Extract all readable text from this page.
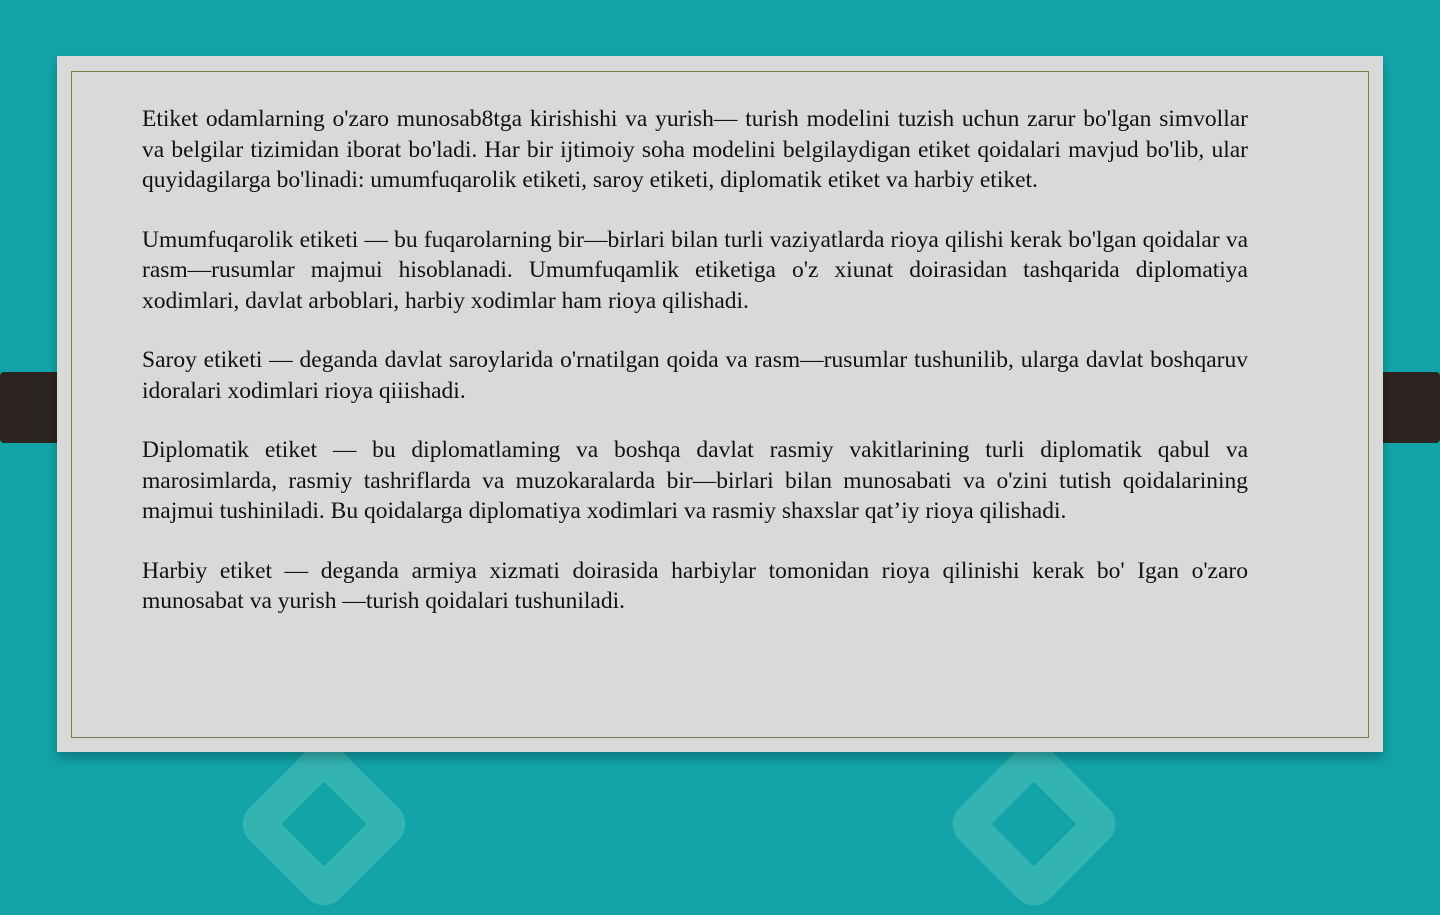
Etiket odamlarning o'zaro munosab8tga kirishishi va yurish— turish modelini tuzish uchun zarur bo'lgan simvollar va belgilar tizimidan iborat bo'ladi. Har bir ijtimoiy soha modelini belgilaydigan etiket qoidalari mavjud bo'lib, ular quyidagilarga bo'linadi: umumfuqarolik etiketi, saroy etiketi, diplomatik etiket va harbiy etiket.

Umumfuqarolik etiketi — bu fuqarolarning bir—birlari bilan turli vaziyatlarda rioya qilishi kerak bo'lgan qoidalar va rasm—rusumlar majmui hisoblanadi. Umumfuqamlik etiketiga o'z xiunat doirasidan tashqarida diplomatiya xodimlari, davlat arboblari, harbiy xodimlar ham rioya qilishadi.

Saroy etiketi — deganda davlat saroylarida o'rnatilgan qoida va rasm—rusumlar tushunilib, ularga davlat boshqaruv idoralari xodimlari rioya qiiishadi.

Diplomatik etiket — bu diplomatlaming va boshqa davlat rasmiy vakitlarining turli diplomatik qabul va marosimlarda, rasmiy tashriflarda va muzokaralarda bir—birlari bilan munosabati va o'zini tutish qoidalarining majmui tushiniladi. Bu qoidalarga diplomatiya xodimlari va rasmiy shaxslar qat’iy rioya qilishadi.

Harbiy etiket — deganda armiya xizmati doirasida harbiylar tomonidan rioya qilinishi kerak bo' Igan o'zaro munosabat va yurish —turish qoidalari tushuniladi.
